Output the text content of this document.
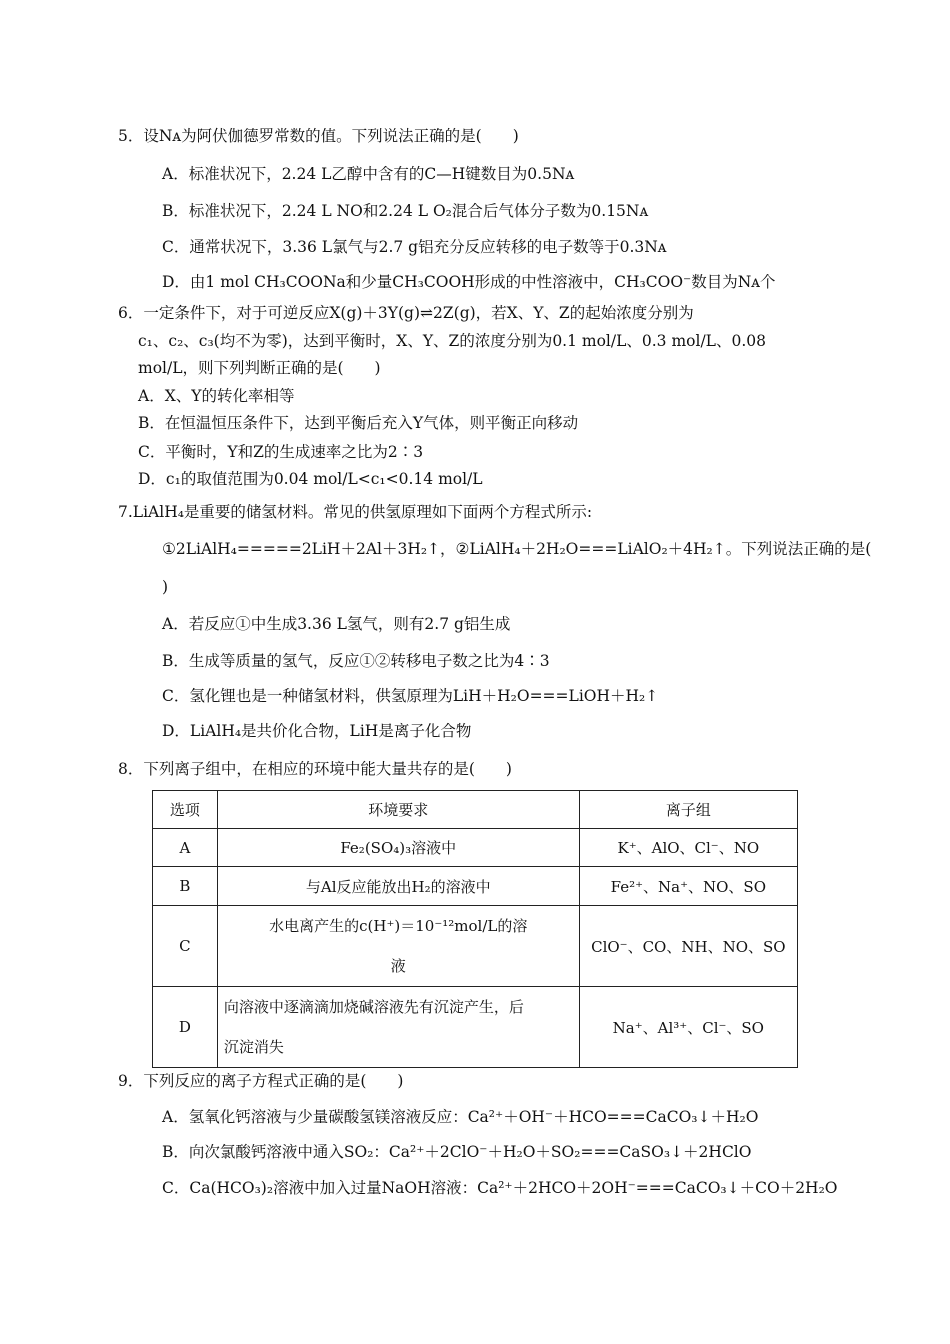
5．设Nᴀ为阿伏伽德罗常数的值。下列说法正确的是(　　)
A．标准状况下，2.24 L乙醇中含有的C—H键数目为0.5Nᴀ
B．标准状况下，2.24 L NO和2.24 L O₂混合后气体分子数为0.15Nᴀ
C．通常状况下，3.36 L氯气与2.7 g铝充分反应转移的电子数等于0.3Nᴀ
D．由1 mol CH₃COONa和少量CH₃COOH形成的中性溶液中，CH₃COO⁻数目为Nᴀ个
6．一定条件下，对于可逆反应X(g)＋3Y(g)⇌2Z(g)，若X、Y、Z的起始浓度分别为
c₁、c₂、c₃(均不为零)，达到平衡时，X、Y、Z的浓度分别为0.1 mol/L、0.3 mol/L、0.08
mol/L，则下列判断正确的是(　　)
A．X、Y的转化率相等
B．在恒温恒压条件下，达到平衡后充入Y气体，则平衡正向移动
C．平衡时，Y和Z的生成速率之比为2∶3
D．c₁的取值范围为0.04 mol/L<c₁<0.14 mol/L
7.LiAlH₄是重要的储氢材料。常见的供氢原理如下面两个方程式所示:
①2LiAlH₄=====2LiH＋2Al＋3H₂↑，②LiAlH₄＋2H₂O===LiAlO₂＋4H₂↑。下列说法正确的是(
)
A．若反应①中生成3.36 L氢气，则有2.7 g铝生成
B．生成等质量的氢气，反应①②转移电子数之比为4∶3
C．氢化锂也是一种储氢材料，供氢原理为LiH＋H₂O===LiOH＋H₂↑
D．LiAlH₄是共价化合物，LiH是离子化合物
8．下列离子组中，在相应的环境中能大量共存的是(　　)
选项	环境要求	离子组
A	Fe₂(SO₄)₃溶液中	K⁺、AlO、Cl⁻、NO
B	与Al反应能放出H₂的溶液中	Fe²⁺、Na⁺、NO、SO
C	水电离产生的c(H⁺)＝10⁻¹²mol/L的溶
液	ClO⁻、CO、NH、NO、SO
D	向溶液中逐滴滴加烧碱溶液先有沉淀产生，后
沉淀消失	Na⁺、Al³⁺、Cl⁻、SO
9．下列反应的离子方程式正确的是(　　)
A．氢氧化钙溶液与少量碳酸氢镁溶液反应：Ca²⁺＋OH⁻＋HCO===CaCO₃↓＋H₂O
B．向次氯酸钙溶液中通入SO₂：Ca²⁺＋2ClO⁻＋H₂O＋SO₂===CaSO₃↓＋2HClO
C．Ca(HCO₃)₂溶液中加入过量NaOH溶液：Ca²⁺＋2HCO＋2OH⁻===CaCO₃↓＋CO＋2H₂O
